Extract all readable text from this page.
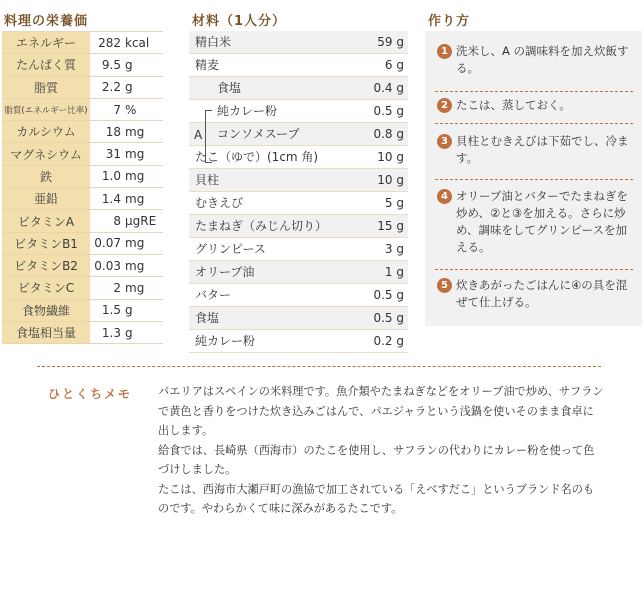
料理の栄養価	材料（1人分）	作り方
エネルギー	282 kcal
たんぱく質	9.5 g
脂質	2.2 g
脂質(エネルギー比率)	7 %
カルシウム	18 mg
マグネシウム	31 mg
鉄	1.0 mg
亜鉛	1.4 mg
ビタミンA	8 μgRE
ビタミンB1	0.07 mg
ビタミンB2	0.03 mg
ビタミンC	2 mg
食物繊維	1.5 g
食塩相当量	1.3 g
精白米	59 g
精麦	6 g
食塩	0.4 g
純カレー粉	0.5 g
コンソメスープ	0.8 g
たこ（ゆで）(1cm 角)	10 g
貝柱	10 g
むきえび	5 g
たまねぎ（みじん切り）	15 g
グリンピース	3 g
オリーブ油	1 g
バター	0.5 g
食塩	0.5 g
純カレー粉	0.2 g
A
1 洗米し、A の調味料を加え炊飯する。
2 たこは、蒸しておく。
3 貝柱とむきえびは下茹でし、冷ます。
4 オリーブ油とバターでたまねぎを炒め、②と③を加える。さらに炒め、調味をしてグリンピースを加える。
5 炊きあがったごはんに④の具を混ぜて仕上げる。
ひとくちメモ パエリアはスペインの米料理です。魚介類やたまねぎなどをオリーブ油で炒め、サフランで黄色と香りをつけた炊き込みごはんで、パエジャラという浅鍋を使いそのまま食卓に出します。

給食では、長崎県（西海市）のたこを使用し、サフランの代わりにカレー粉を使って色づけしました。

たこは、西海市大瀬戸町の漁協で加工されている「えべすだこ」というブランド名のものです。やわらかくて味に深みがあるたこです。
